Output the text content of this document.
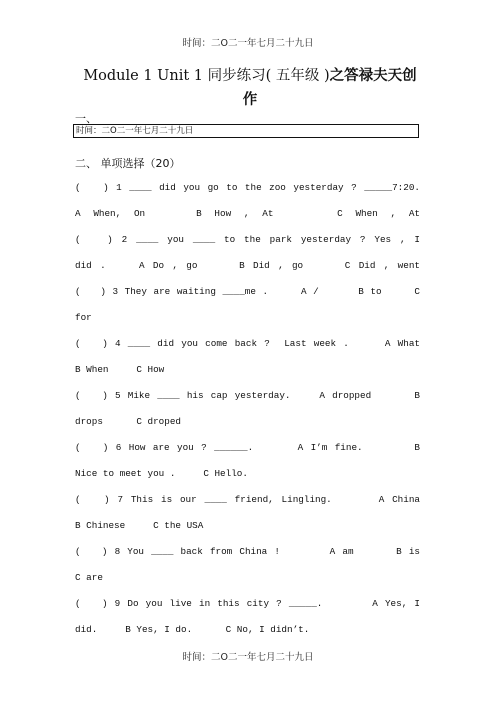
时间：二O二一年七月二十九日
Module 1 Unit 1 同步练习( 五年级 )之答禄夫天创
作
一、
时间：二O二一年七月二十九日
二、 单项选择（20）
(   ) 1 ____ did you go to the zoo yesterday ? _____7:20.
A When, On    B How , At     C When , At
(   ) 2 ____ you ____ to the park yesterday ? Yes , I
did .    A Do , go     B Did , go     C Did , went
(   ) 3 They are waiting ____me .     A /      B to     C
for
(   ) 4 ____ did you come back ?  Last week .     A What
B When     C How
(   ) 5 Mike ____ his cap yesterday.    A dropped      B
drops      C droped
(   ) 6 How are you ? ______.      A I’m fine.       B
Nice to meet you .     C Hello.
(   ) 7 This is our ____ friend, Lingling.      A China
B Chinese     C the USA
(   ) 8 You ____ back from China !       A am      B is
C are
(   ) 9 Do you live in this city ? _____.       A Yes, I
did.     B Yes, I do.      C No, I didn’t.
时间：二O二一年七月二十九日
